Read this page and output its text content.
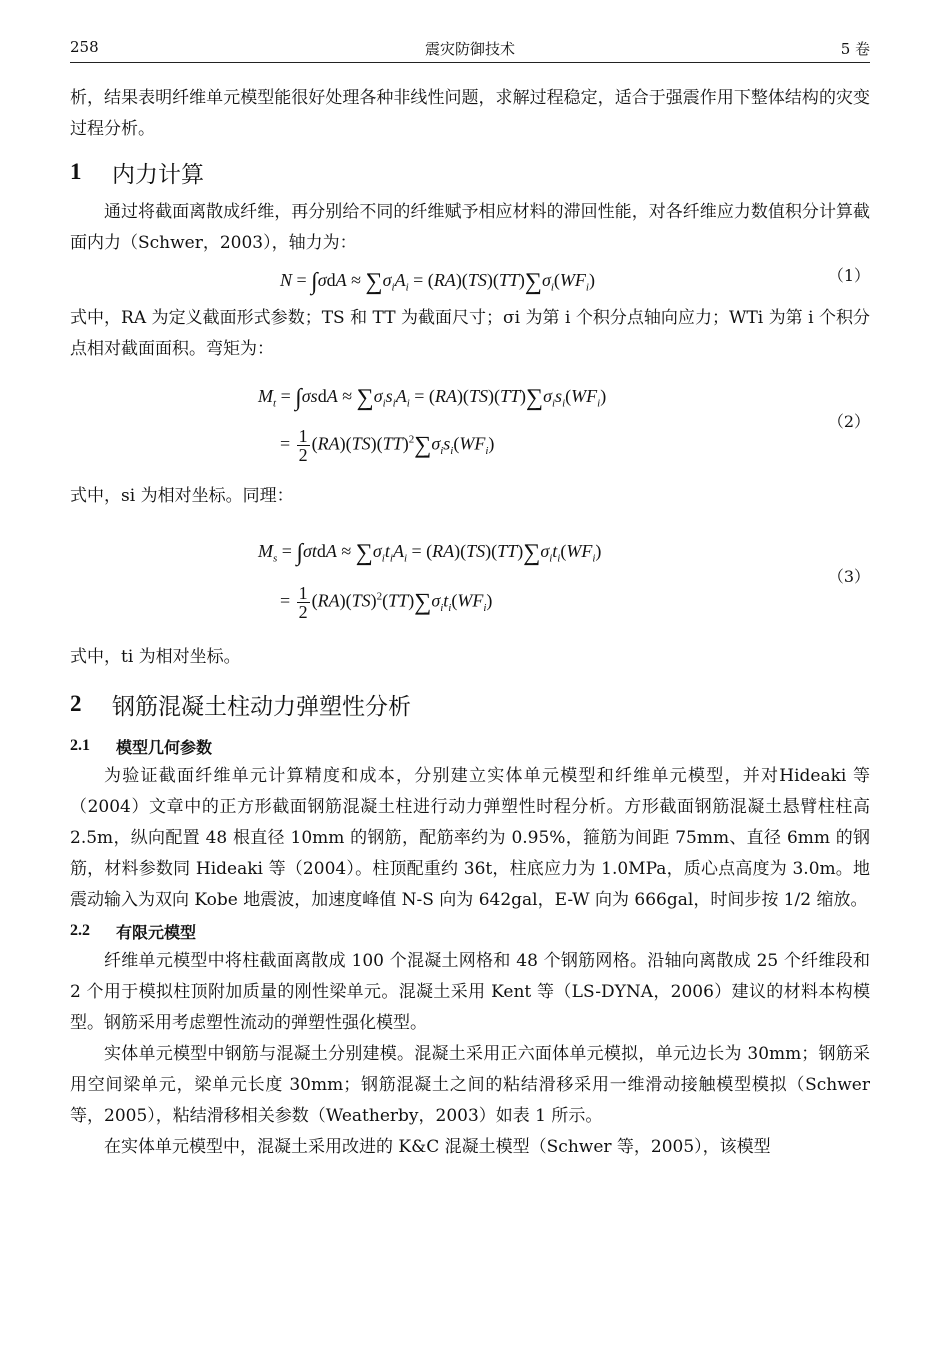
258	震灾防御技术	5 卷

析，结果表明纤维单元模型能很好处理各种非线性问题，求解过程稳定，适合于强震作用下整体结构的灾变过程分析。

1	内力计算

通过将截面离散成纤维，再分别给不同的纤维赋予相应材料的滞回性能，对各纤维应力数值积分计算截面内力（Schwer，2003），轴力为：

$N = \int\sigma dA \approx \sum\sigma_iA_i = (RA)(TS)(TT)\sum\sigma_i(WF_i)$	（1）

式中，RA 为定义截面形式参数；TS 和 TT 为截面尺寸；σi 为第 i 个积分点轴向应力；WTi 为第 i 个积分点相对截面面积。弯矩为：

$M_t = \int\sigma sdA \approx \sum\sigma_is_iA_i = (RA)(TS)(TT)\sum\sigma_is_i(WF_i)$
= $\frac{1}{2} (RA)(TS)(TT)^2\sum\sigma_is_i(WF_i)$
（2）

式中，si 为相对坐标。同理：

$M_s = \int\sigma tdA \approx \sum\sigma_it_iA_i = (RA)(TS)(TT)\sum\sigma_it_i(WF_i)$
= $\frac{1}{2} (RA)(TS)^2(TT)\sum\sigma_it_i(WF_i)$
（3）

式中，ti 为相对坐标。

2	钢筋混凝土柱动力弹塑性分析
2.1	模型几何参数

为验证截面纤维单元计算精度和成本，分别建立实体单元模型和纤维单元模型，并对Hideaki 等（2004）文章中的正方形截面钢筋混凝土柱进行动力弹塑性时程分析。方形截面钢筋混凝土悬臂柱柱高 2.5m，纵向配置 48 根直径 10mm 的钢筋，配筋率约为 0.95%，箍筋为间距 75mm、直径 6mm 的钢筋，材料参数同 Hideaki 等（2004）。柱顶配重约 36t，柱底应力为 1.0MPa，质心点高度为 3.0m。地震动输入为双向 Kobe 地震波，加速度峰值 N-S 向为 642gal，E-W 向为 666gal，时间步按 1/2 缩放。

2.2	有限元模型

纤维单元模型中将柱截面离散成 100 个混凝土网格和 48 个钢筋网格。沿轴向离散成 25 个纤维段和 2 个用于模拟柱顶附加质量的刚性梁单元。混凝土采用 Kent 等（LS-DYNA，2006）建议的材料本构模型。钢筋采用考虑塑性流动的弹塑性强化模型。

实体单元模型中钢筋与混凝土分别建模。混凝土采用正六面体单元模拟，单元边长为 30mm；钢筋采用空间梁单元，梁单元长度 30mm；钢筋混凝土之间的粘结滑移采用一维滑动接触模型模拟（Schwer 等，2005），粘结滑移相关参数（Weatherby，2003）如表 1 所示。

在实体单元模型中，混凝土采用改进的 K&C 混凝土模型（Schwer 等，2005），该模型
